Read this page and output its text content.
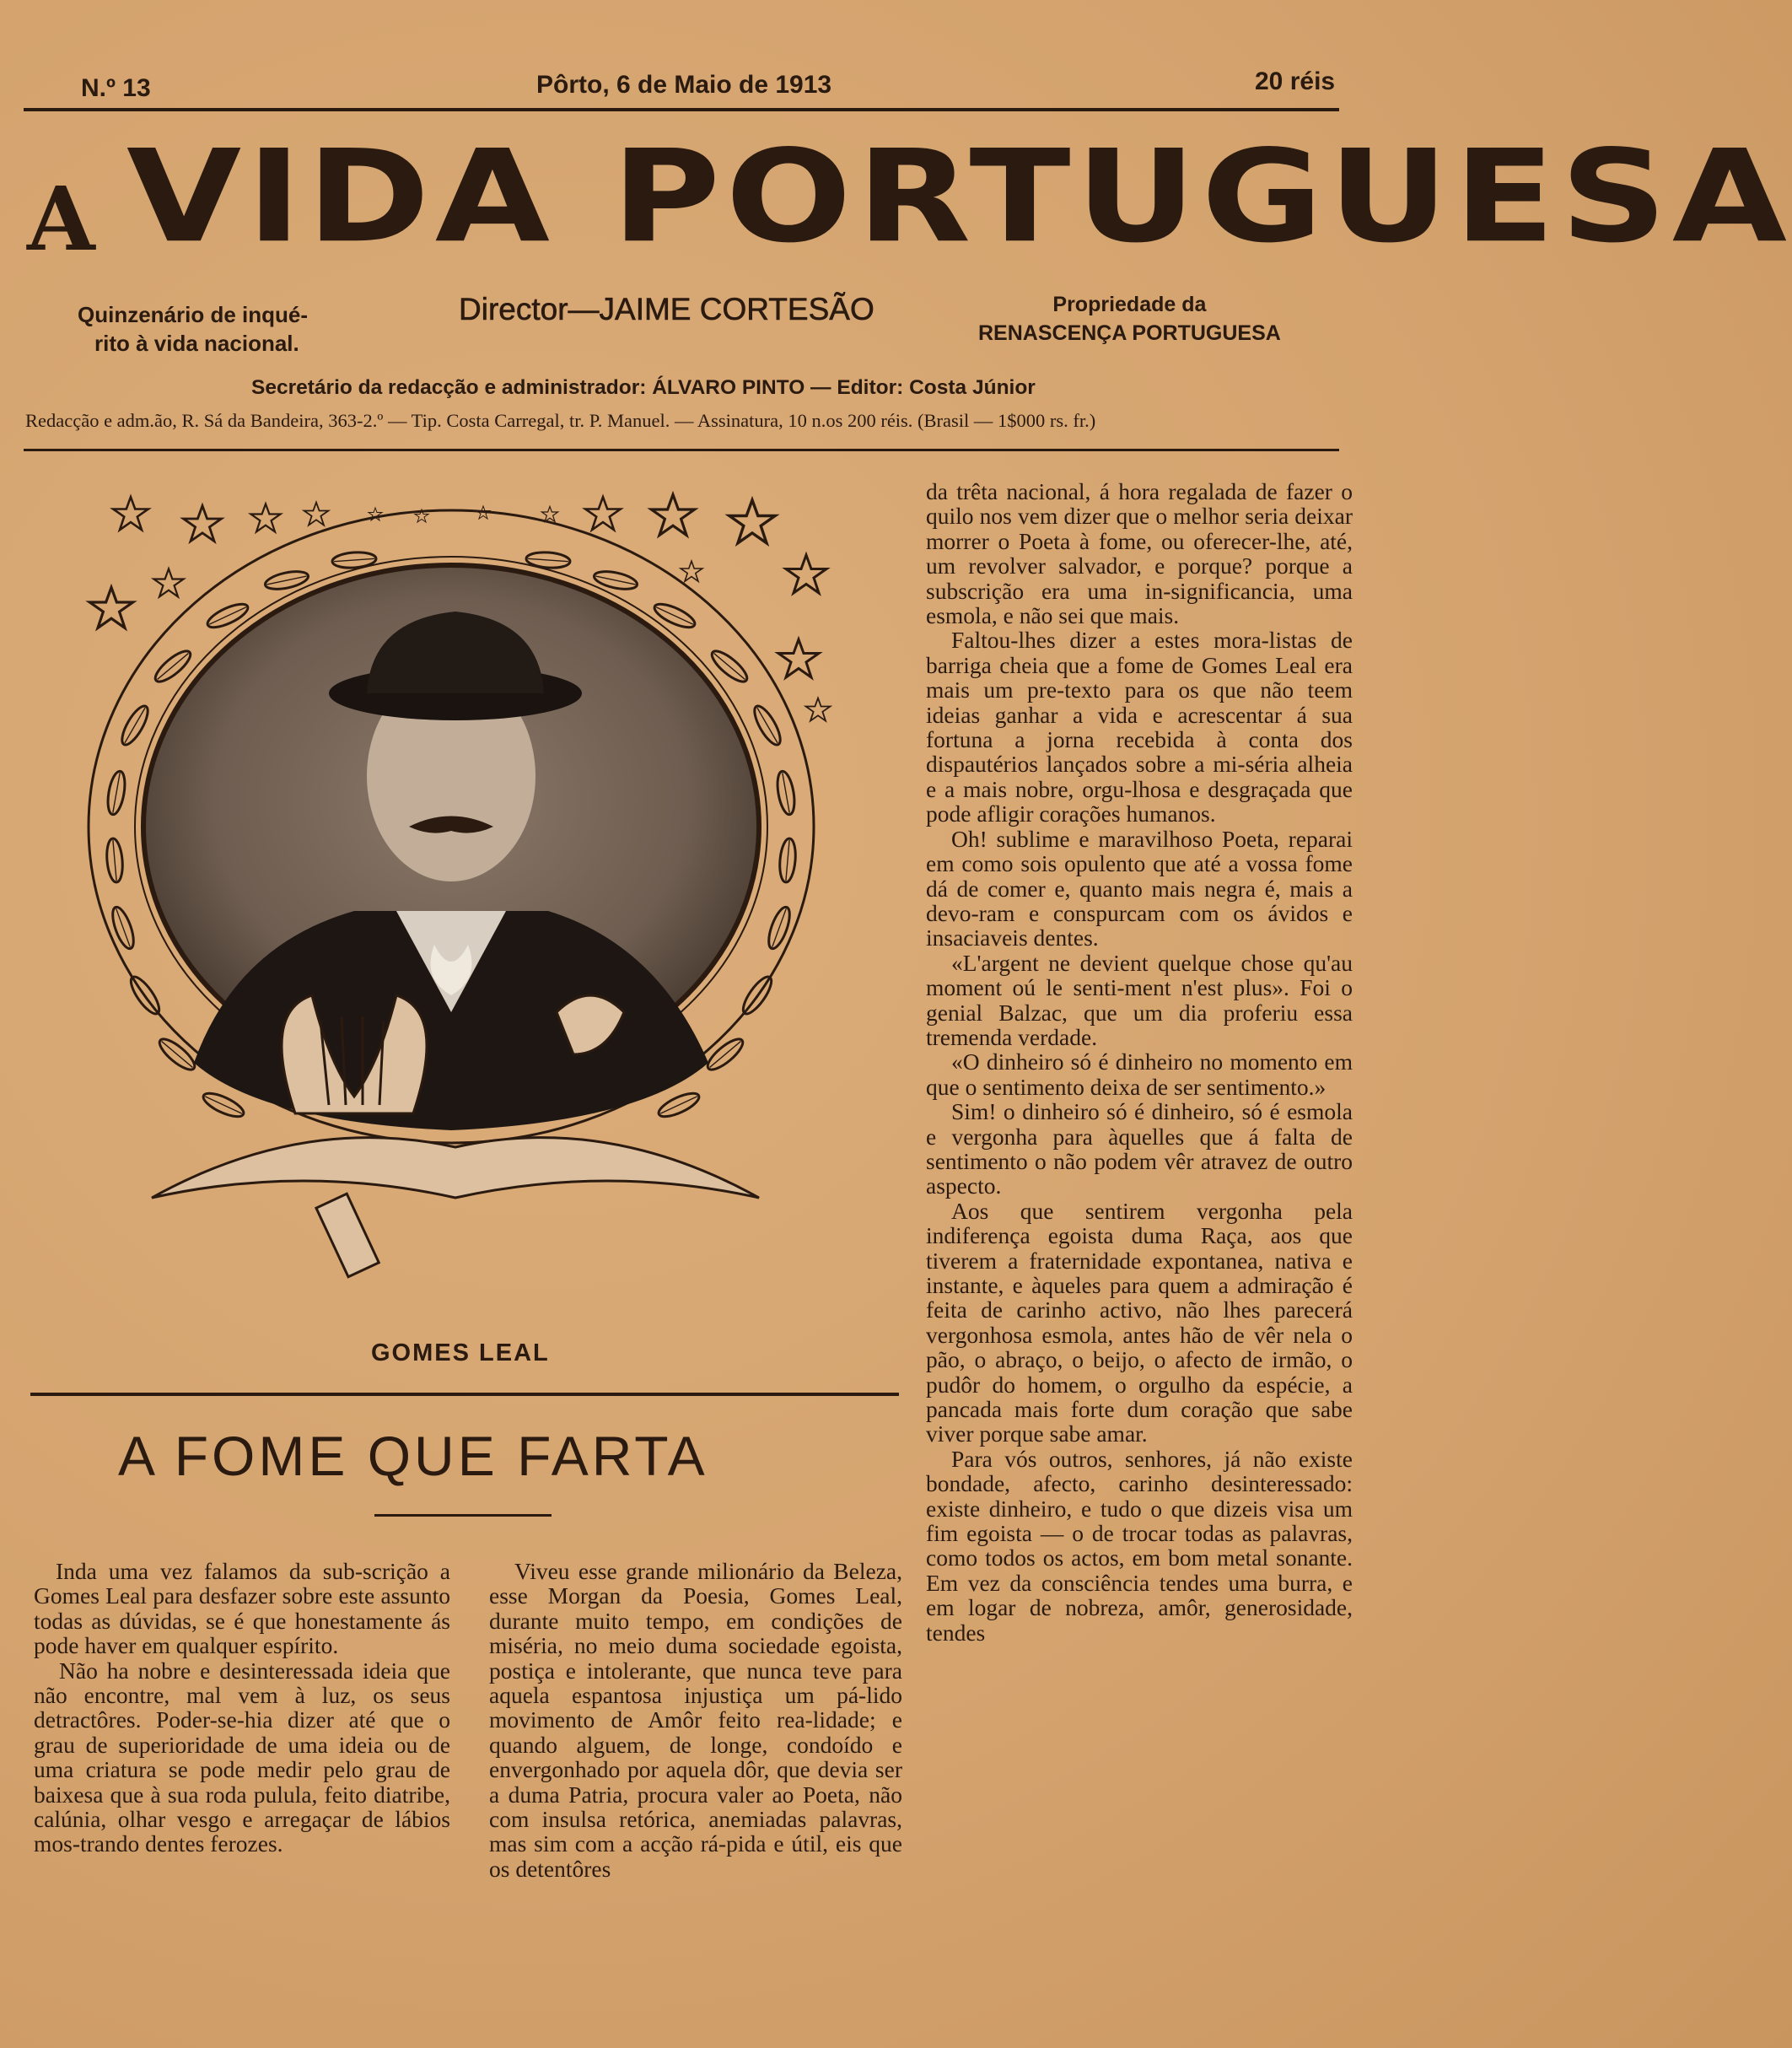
N.º 13	Pôrto, 6 de Maio de 1913	20 réis
A VIDA PORTUGUESA
Quinzenário de inqué-
rito à vida nacional.
Director—JAIME CORTESÃO	Propriedade da
RENASCENÇA PORTUGUESA
Secretário da redacção e administrador: ÁLVARO PINTO — Editor: Costa Júnior
Redacção e adm.ão, R. Sá da Bandeira, 363-2.º — Tip. Costa Carregal, tr. P. Manuel. — Assinatura, 10 n.os 200 réis. (Brasil — 1$000 rs. fr.)
GOMES LEAL
A FOME QUE FARTA

Inda uma vez falamos da sub-scrição a Gomes Leal para desfazer sobre este assunto todas as dúvidas, se é que honestamente ás pode haver em qualquer espírito.

Não ha nobre e desinteressada ideia que não encontre, mal vem à luz, os seus detractôres. Poder-se-hia dizer até que o grau de superioridade de uma ideia ou de uma criatura se pode medir pelo grau de baixesa que à sua roda pulula, feito diatribe, calúnia, olhar vesgo e arregaçar de lábios mos-trando dentes ferozes.

Viveu esse grande milionário da Beleza, esse Morgan da Poesia, Gomes Leal, durante muito tempo, em condições de miséria, no meio duma sociedade egoista, postiça e intolerante, que nunca teve para aquela espantosa injustiça um pá-lido movimento de Amôr feito rea-lidade; e quando alguem, de longe, condoído e envergonhado por aquela dôr, que devia ser a duma Patria, procura valer ao Poeta, não com insulsa retórica, anemiadas palavras, mas sim com a acção rá-pida e útil, eis que os detentôres

da trêta nacional, á hora regalada de fazer o quilo nos vem dizer que o melhor seria deixar morrer o Poeta à fome, ou oferecer-lhe, até, um revolver salvador, e porque? porque a subscrição era uma in-significancia, uma esmola, e não sei que mais.

Faltou-lhes dizer a estes mora-listas de barriga cheia que a fome de Gomes Leal era mais um pre-texto para os que não teem ideias ganhar a vida e acrescentar á sua fortuna a jorna recebida à conta dos dispautérios lançados sobre a mi-séria alheia e a mais nobre, orgu-lhosa e desgraçada que pode afligir corações humanos.

Oh! sublime e maravilhoso Poeta, reparai em como sois opulento que até a vossa fome dá de comer e, quanto mais negra é, mais a devo-ram e conspurcam com os ávidos e insaciaveis dentes.

«L'argent ne devient quelque chose qu'au moment oú le senti-ment n'est plus». Foi o genial Balzac, que um dia proferiu essa tremenda verdade.

«O dinheiro só é dinheiro no momento em que o sentimento deixa de ser sentimento.»

Sim! o dinheiro só é dinheiro, só é esmola e vergonha para àquelles que á falta de sentimento o não podem vêr atravez de outro aspecto.

Aos que sentirem vergonha pela indiferença egoista duma Raça, aos que tiverem a fraternidade expontanea, nativa e instante, e àqueles para quem a admiração é feita de carinho activo, não lhes parecerá vergonhosa esmola, antes hão de vêr nela o pão, o abraço, o beijo, o afecto de irmão, o pudôr do homem, o orgulho da espécie, a pancada mais forte dum coração que sabe viver porque sabe amar.

Para vós outros, senhores, já não existe bondade, afecto, carinho desinteressado: existe dinheiro, e tudo o que dizeis visa um fim egoista — o de trocar todas as palavras, como todos os actos, em bom metal sonante. Em vez da consciência tendes uma burra, e em logar de nobreza, amôr, generosidade, tendes
